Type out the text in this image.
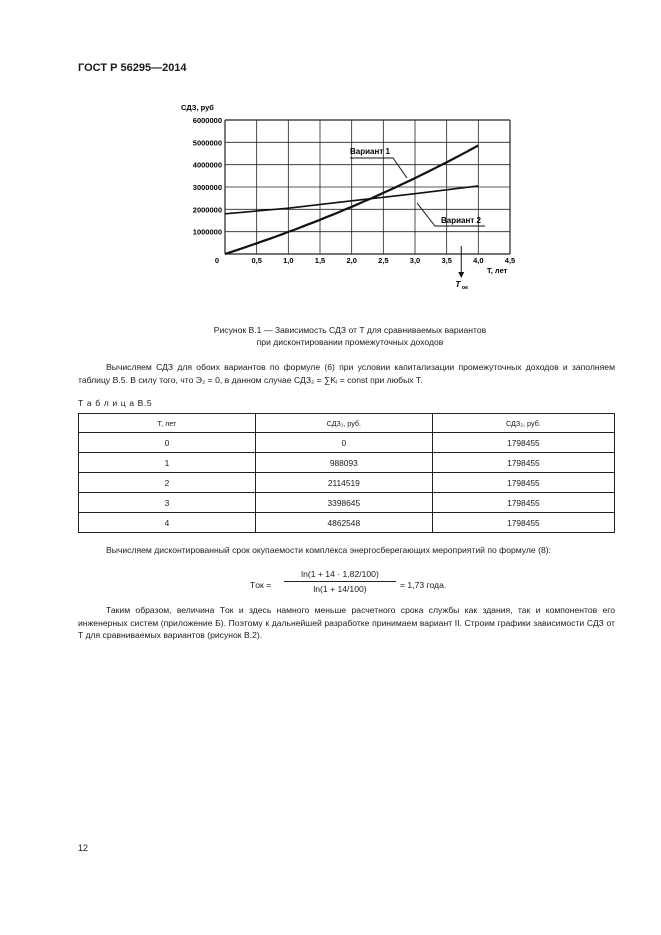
ГОСТ Р 56295—2014
0	0,5	1,0	1,5	2,0	2,5	3,0	3,5	4,0	4,5
1000000
2000000
3000000
4000000
5000000
6000000
СДЗ, руб
T, лет
Вариант 1
Вариант 2
T ок
Рисунок В.1 — Зависимость СДЗ от T для сравниваемых вариантов
при дисконтировании промежуточных доходов
Вычисляем СДЗ для обоих вариантов по формуле (6) при условии капитализации промежуточных доходов и заполняем таблицу В.5. В силу того, что Э₂ = 0, в данном случае СДЗ₂ = ∑Kᵢ = const при любых T.
Т а б л и ц а В.5
T, лет	СДЗ₁, руб.	СДЗ₂, руб.
0	0	1798455
1	988093	1798455
2	2114519	1798455
3	3398645	1798455
4	4862548	1798455
Вычисляем дисконтированный срок окупаемости комплекса энергосберегающих мероприятий по формуле (8):
Tок = $\frac{\ln(1 + 14 \cdot 1,82/100)}{\ln(1 + 14/100)} = 1,73$ года.
Таким образом, величина Tок и здесь намного меньше расчетного срока службы как здания, так и компонентов его инженерных систем (приложение Б). Поэтому к дальнейшей разработке принимаем вариант II. Строим графики зависимости СДЗ от T для сравниваемых вариантов (рисунок В.2).
12
